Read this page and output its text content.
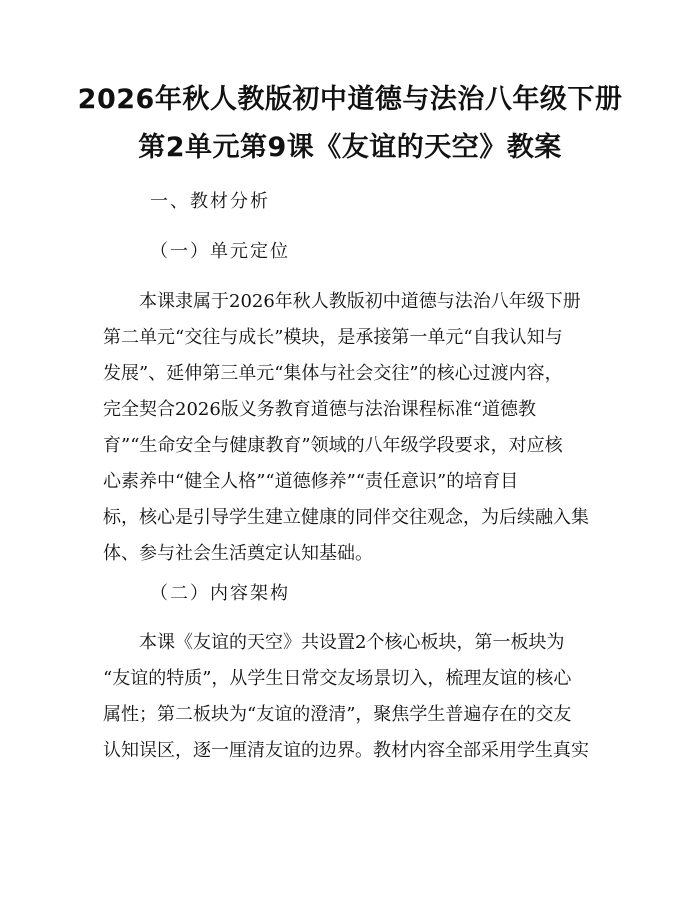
2026年秋人教版初中道德与法治八年级下册
第2单元第9课《友谊的天空》教案
一、教材分析
（一）单元定位
本课隶属于2026年秋人教版初中道德与法治八年级下册
第二单元“交往与成长”模块，是承接第一单元“自我认知与
发展”、延伸第三单元“集体与社会交往”的核心过渡内容，
完全契合2026版义务教育道德与法治课程标准“道德教
育”“生命安全与健康教育”领域的八年级学段要求，对应核
心素养中“健全人格”“道德修养”“责任意识”的培育目
标，核心是引导学生建立健康的同伴交往观念，为后续融入集
体、参与社会生活奠定认知基础。
（二）内容架构
本课《友谊的天空》共设置2个核心板块，第一板块为
“友谊的特质”，从学生日常交友场景切入，梳理友谊的核心
属性；第二板块为“友谊的澄清”，聚焦学生普遍存在的交友
认知误区，逐一厘清友谊的边界。教材内容全部采用学生真实
